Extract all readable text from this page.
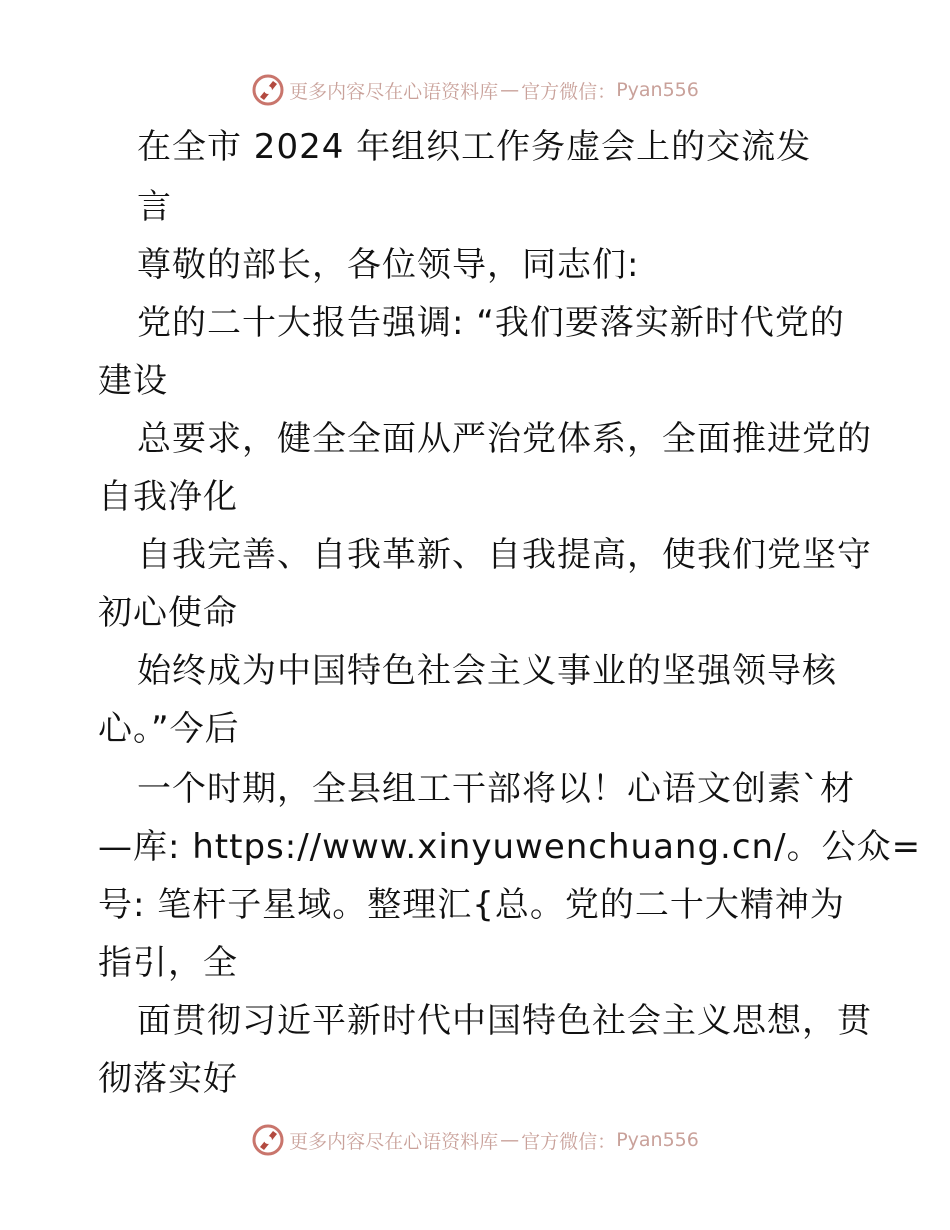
更多内容尽在心语资料库 — 官方微信： Pyan556

在全市 2024 年组织工作务虚会上的交流发

言

尊敬的部长，各位领导，同志们:

党的二十大报告强调: “我们要落实新时代党的

建设

总要求，健全全面从严治党体系，全面推进党的

自我净化

自我完善、自我革新、自我提高，使我们党坚守

初心使命

始终成为中国特色社会主义事业的坚强领导核

心。”今后

一个时期，全县组工干部将以！心语文创素`材

—库: https://www.xinyuwenchuang.cn/。公众=

号: 笔杆子星域。整理汇{总。党的二十大精神为

指引，全

面贯彻习近平新时代中国特色社会主义思想，贯

彻落实好

更多内容尽在心语资料库 — 官方微信： Pyan556
